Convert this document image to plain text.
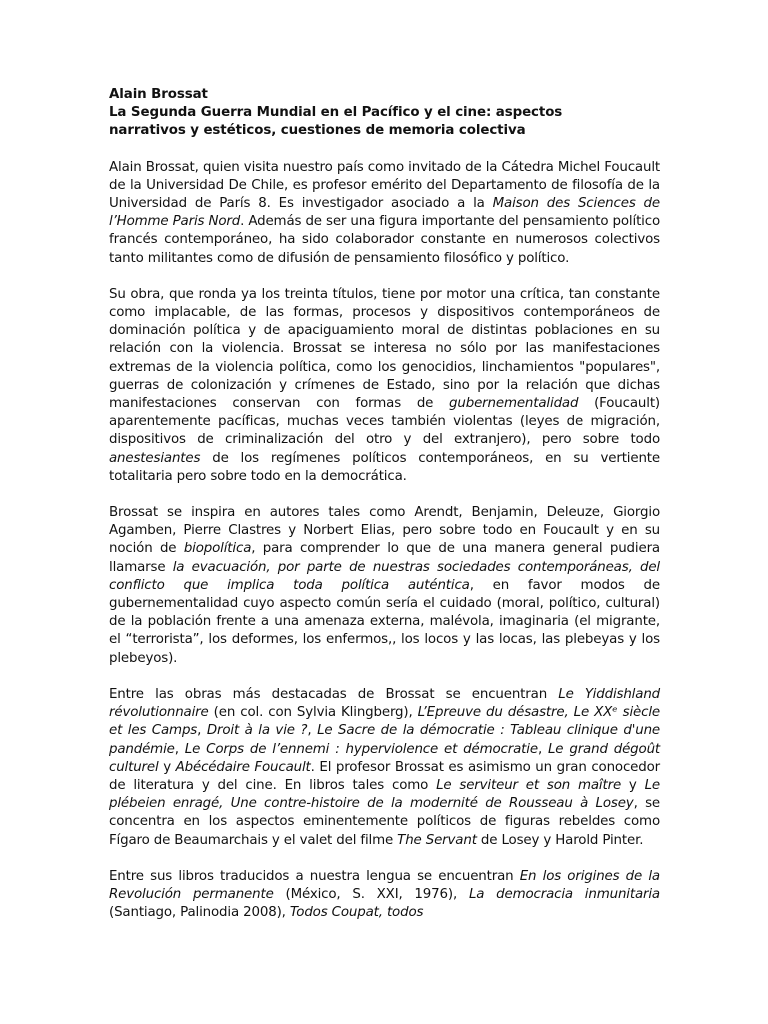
Alain Brossat
La Segunda Guerra Mundial en el Pacífico y el cine: aspectos
narrativos y estéticos, cuestiones de memoria colectiva

Alain Brossat, quien visita nuestro país como invitado de la Cátedra Michel Foucault de la Universidad De Chile, es profesor emérito del Departamento de filosofía de la Universidad de París 8. Es investigador asociado a la Maison des Sciences de l’Homme Paris Nord. Además de ser una figura importante del pensamiento político francés contemporáneo, ha sido colaborador constante en numerosos colectivos tanto militantes como de difusión de pensamiento filosófico y político.

Su obra, que ronda ya los treinta títulos, tiene por motor una crítica, tan constante como implacable, de las formas, procesos y dispositivos contemporáneos de dominación política y de apaciguamiento moral de distintas poblaciones en su relación con la violencia. Brossat se interesa no sólo por las manifestaciones extremas de la violencia política, como los genocidios, linchamientos "populares", guerras de colonización y crímenes de Estado, sino por la relación que dichas manifestaciones conservan con formas de gubernementalidad (Foucault) aparentemente pacíficas, muchas veces también violentas (leyes de migración, dispositivos de criminalización del otro y del extranjero), pero sobre todo anestesiantes de los regímenes políticos contemporáneos, en su vertiente totalitaria pero sobre todo en la democrática.

Brossat se inspira en autores tales como Arendt, Benjamin, Deleuze, Giorgio Agamben, Pierre Clastres y Norbert Elias, pero sobre todo en Foucault y en su noción de biopolítica, para comprender lo que de una manera general pudiera llamarse la evacuación, por parte de nuestras sociedades contemporáneas, del conflicto que implica toda política auténtica, en favor modos de gubernementalidad cuyo aspecto común sería el cuidado (moral, político, cultural) de la población frente a una amenaza externa, malévola, imaginaria (el migrante, el “terrorista”, los deformes, los enfermos,, los locos y las locas, las plebeyas y los plebeyos).

Entre las obras más destacadas de Brossat se encuentran Le Yiddishland révolutionnaire (en col. con Sylvia Klingberg), L’Epreuve du désastre, Le XXᵉ siècle et les Camps, Droit à la vie ?, Le Sacre de la démocratie : Tableau clinique d'une pandémie, Le Corps de l’ennemi : hyperviolence et démocratie, Le grand dégoût culturel y Abécédaire Foucault. El profesor Brossat es asimismo un gran conocedor de literatura y del cine. En libros tales como Le serviteur et son maître y Le plébeien enragé, Une contre-histoire de la modernité de Rousseau à Losey, se concentra en los aspectos eminentemente políticos de figuras rebeldes como Fígaro de Beaumarchais y el valet del filme The Servant de Losey y Harold Pinter.

Entre sus libros traducidos a nuestra lengua se encuentran En los origines de la Revolución permanente (México, S. XXI, 1976), La democracia inmunitaria (Santiago, Palinodia 2008), Todos Coupat, todos
